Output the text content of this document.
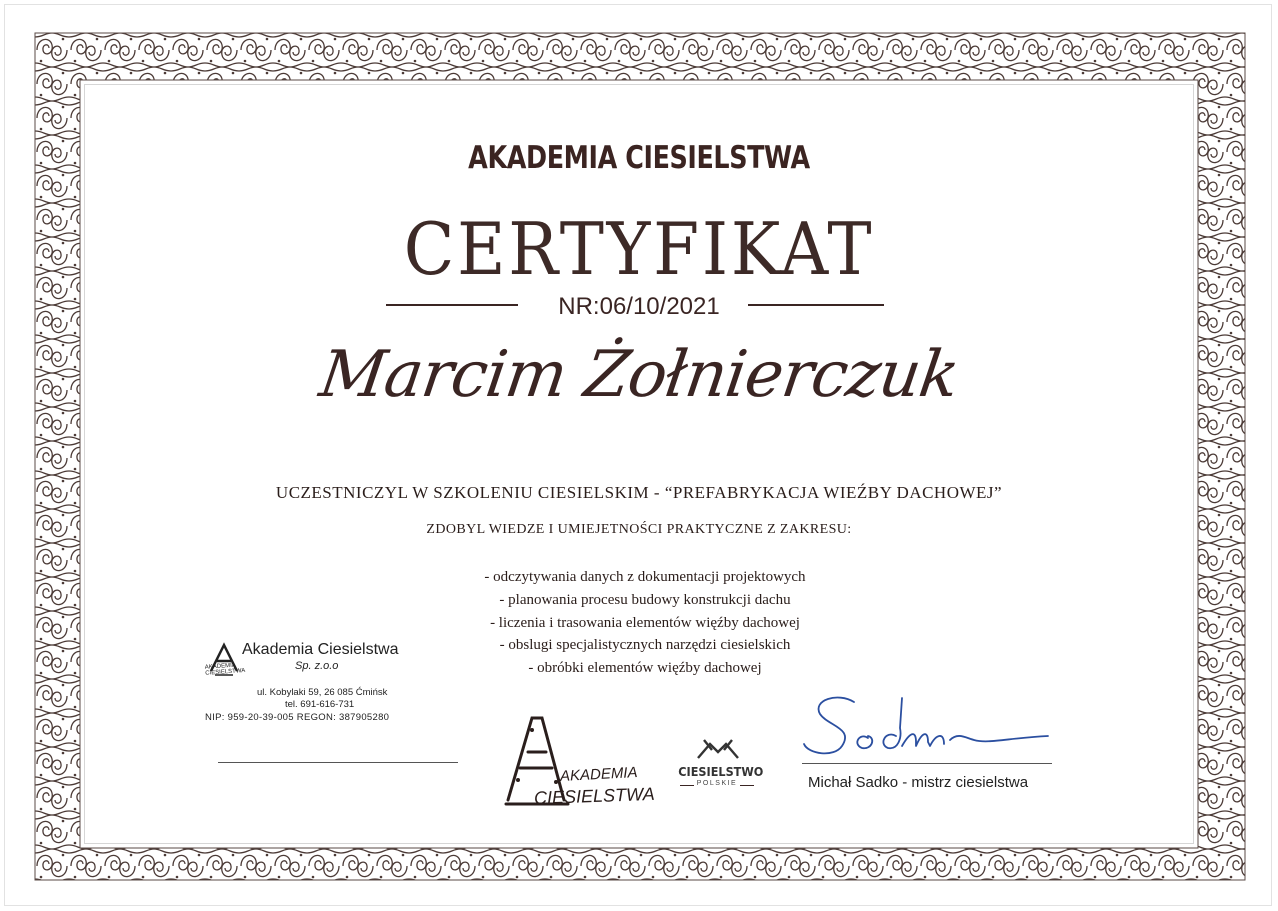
AKADEMIA CIESIELSTWA
CERTYFIKAT
NR:06/10/2021
Marcim Żołnierczuk
UCZESTNICZYL W SZKOLENIU CIESIELSKIM - “PREFABRYKACJA WIEŹBY DACHOWEJ”
ZDOBYL WIEDZE I UMIEJETNOŚCI PRAKTYCZNE Z ZAKRESU:
- odczytywania danych z dokumentacji projektowych
- planowania procesu budowy konstrukcji dachu
- liczenia i trasowania elementów więźby dachowej
- obslugi specjalistycznych narzędzi ciesielskich
- obróbki elementów więźby dachowej
AKADEMIA CIESIELSTWA
Akademia Ciesielstwa
Sp. z.o.o
ul. Kobylaki 59, 26 085 Ćmińsk
tel. 691-616-731
NIP: 959-20-39-005 REGON: 387905280
AKADEMIA
CIESIELSTWA
CIESIELSTWO
POLSKIE	Michał Sadko - mistrz ciesielstwa
